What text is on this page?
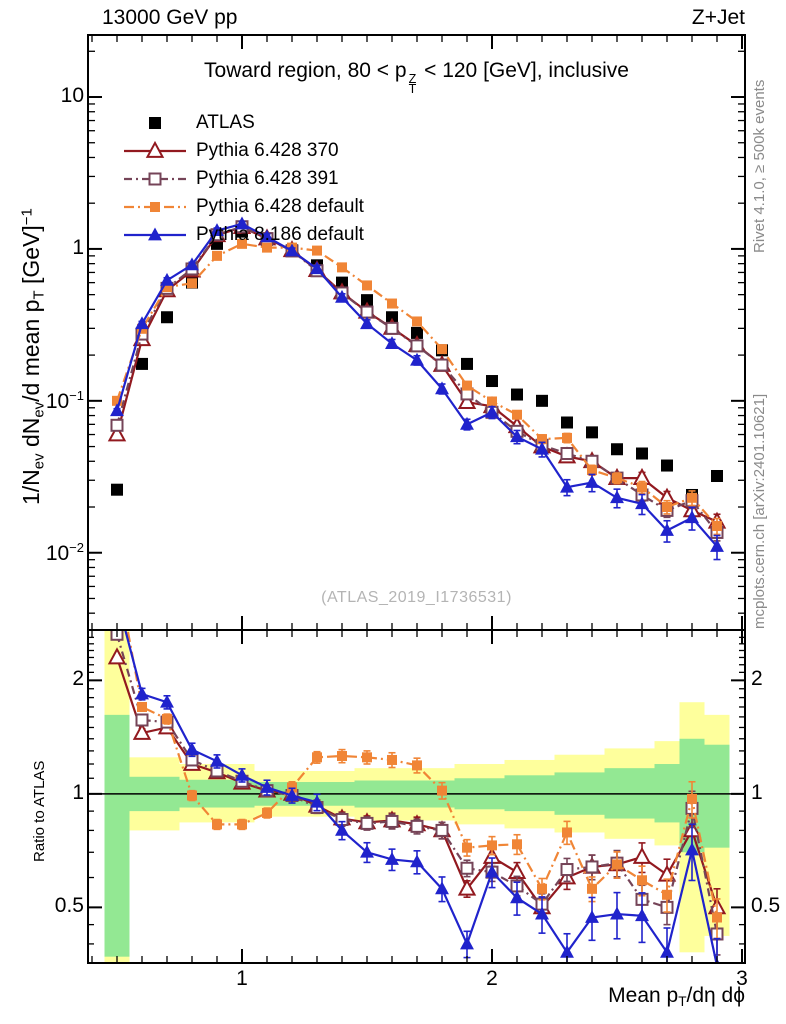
13000 GeV pp	Z+Jet
Toward region, 80 < p Z
T
< 120 [GeV], inclusive
ATLAS
Pythia 6.428 370
Pythia 6.428 391
Pythia 6.428 default
Pythia 8.186 default
(ATLAS_2019_I1736531)
Rivet 4.1.0, ≥ 500k events
mcplots.cern.ch [arXiv:2401.10621]
1/Nev dNev/d mean pT [GeV]$^{-1}$
Ratio to ATLAS
Mean pT/dη dϕ
10
1
$10^{-1}$
$10^{-2}$
2	2
1	1
0.5	0.5
1	2	3
